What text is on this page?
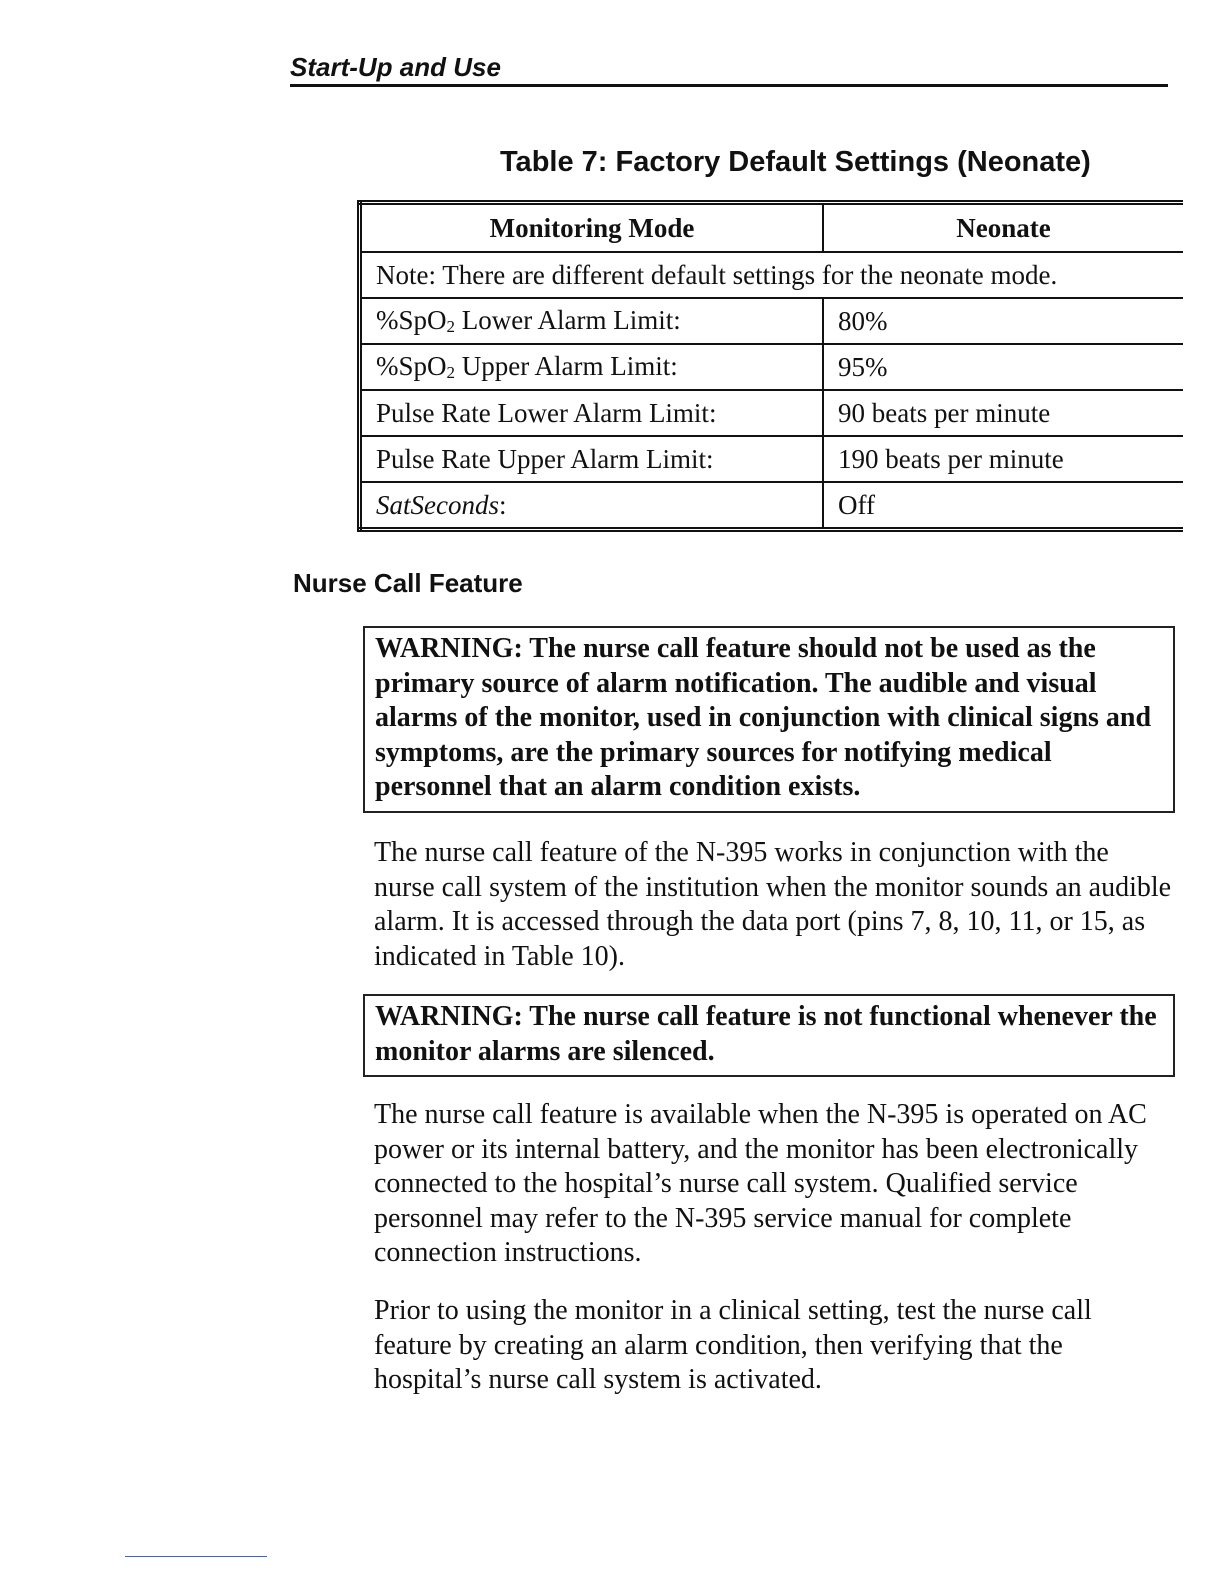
Start-Up and Use
Table 7: Factory Default Settings (Neonate)
Monitoring Mode	Neonate
Note: There are different default settings for the neonate mode.	
%SpO2 Lower Alarm Limit:	80%
%SpO2 Upper Alarm Limit:	95%
Pulse Rate Lower Alarm Limit:	90 beats per minute
Pulse Rate Upper Alarm Limit:	190 beats per minute
SatSeconds:	Off
Nurse Call Feature
WARNING: The nurse call feature should not be used as the primary source of alarm notification. The audible and visual alarms of the monitor, used in conjunction with clinical signs and symptoms, are the primary sources for notifying medical personnel that an alarm condition exists.

The nurse call feature of the N-395 works in conjunction with the nurse call system of the institution when the monitor sounds an audible alarm. It is accessed through the data port (pins 7, 8, 10, 11, or 15, as indicated in Table 10).

WARNING: The nurse call feature is not functional whenever the monitor alarms are silenced.

The nurse call feature is available when the N-395 is operated on AC power or its internal battery, and the monitor has been electronically connected to the hospital’s nurse call system. Qualified service personnel may refer to the N-395 service manual for complete connection instructions.

Prior to using the monitor in a clinical setting, test the nurse call feature by creating an alarm condition, then verifying that the hospital’s nurse call system is activated.
